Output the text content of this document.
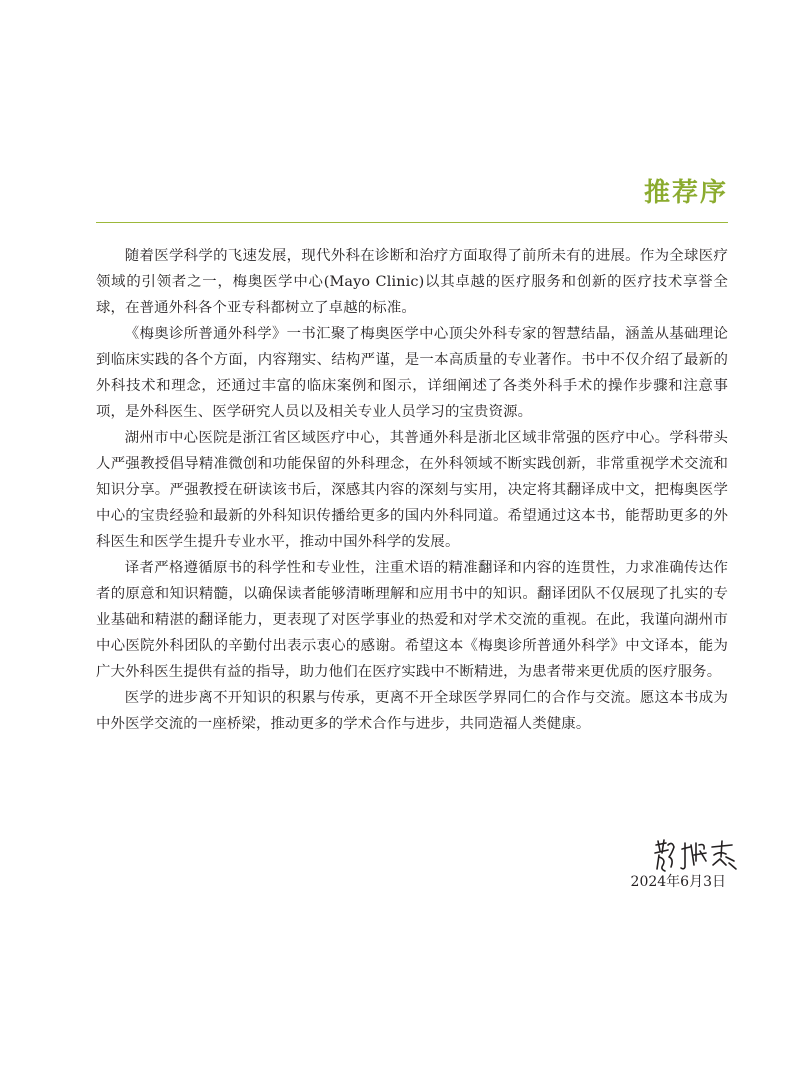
推荐序

随着医学科学的飞速发展，现代外科在诊断和治疗方面取得了前所未有的进展。作为全球医疗领域的引领者之一，梅奥医学中心(Mayo Clinic)以其卓越的医疗服务和创新的医疗技术享誉全球，在普通外科各个亚专科都树立了卓越的标准。

《梅奥诊所普通外科学》一书汇聚了梅奥医学中心顶尖外科专家的智慧结晶，涵盖从基础理论到临床实践的各个方面，内容翔实、结构严谨，是一本高质量的专业著作。书中不仅介绍了最新的外科技术和理念，还通过丰富的临床案例和图示，详细阐述了各类外科手术的操作步骤和注意事项，是外科医生、医学研究人员以及相关专业人员学习的宝贵资源。

湖州市中心医院是浙江省区域医疗中心，其普通外科是浙北区域非常强的医疗中心。学科带头人严强教授倡导精准微创和功能保留的外科理念，在外科领域不断实践创新，非常重视学术交流和知识分享。严强教授在研读该书后，深感其内容的深刻与实用，决定将其翻译成中文，把梅奥医学中心的宝贵经验和最新的外科知识传播给更多的国内外科同道。希望通过这本书，能帮助更多的外科医生和医学生提升专业水平，推动中国外科学的发展。

译者严格遵循原书的科学性和专业性，注重术语的精准翻译和内容的连贯性，力求准确传达作者的原意和知识精髓，以确保读者能够清晰理解和应用书中的知识。翻译团队不仅展现了扎实的专业基础和精湛的翻译能力，更表现了对医学事业的热爱和对学术交流的重视。在此，我谨向湖州市中心医院外科团队的辛勤付出表示衷心的感谢。希望这本《梅奥诊所普通外科学》中文译本，能为广大外科医生提供有益的指导，助力他们在医疗实践中不断精进，为患者带来更优质的医疗服务。

医学的进步离不开知识的积累与传承，更离不开全球医学界同仁的合作与交流。愿这本书成为中外医学交流的一座桥梁，推动更多的学术合作与进步，共同造福人类健康。

2024年6月3日
